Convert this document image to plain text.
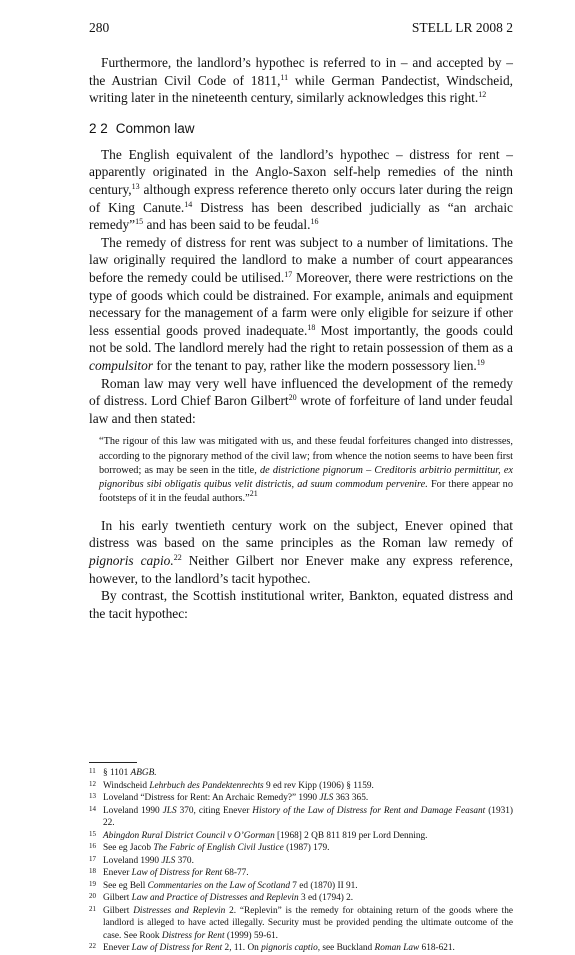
280	STELL LR 2008 2

Furthermore, the landlord’s hypothec is referred to in – and accepted by – the Austrian Civil Code of 1811,11 while German Pandectist, Windscheid, writing later in the nineteenth century, similarly acknowledges this right.$^{12}$

2 2 Common law

The English equivalent of the landlord’s hypothec – distress for rent – apparently originated in the Anglo-Saxon self-help remedies of the ninth century,$^{13}$ although express reference thereto only occurs later during the reign of King Canute.$^{14}$ Distress has been described judicially as “an archaic remedy”$^{15}$ and has been said to be feudal.$^{16}$

The remedy of distress for rent was subject to a number of limitations. The law originally required the landlord to make a number of court appearances before the remedy could be utilised.$^{17}$ Moreover, there were restrictions on the type of goods which could be distrained. For example, animals and equipment necessary for the management of a farm were only eligible for seizure if other less essential goods proved inadequate.$^{18}$ Most importantly, the goods could not be sold. The landlord merely had the right to retain possession of them as a compulsitor for the tenant to pay, rather like the modern possessory lien.$^{19}$

Roman law may very well have influenced the development of the remedy of distress. Lord Chief Baron Gilbert$^{20}$ wrote of forfeiture of land under feudal law and then stated:

“The rigour of this law was mitigated with us, and these feudal forfeitures changed into distresses, according to the pignorary method of the civil law; from whence the notion seems to have been first borrowed; as may be seen in the title, de districtione pignorum – Creditoris arbitrio permittitur, ex pignoribus sibi obligatis quibus velit districtis, ad suum commodum pervenire. For there appear no footsteps of it in the feudal authors.”$^{21}$

In his early twentieth century work on the subject, Enever opined that distress was based on the same principles as the Roman law remedy of pignoris capio.$^{22}$ Neither Gilbert nor Enever make any express reference, however, to the landlord’s tacit hypothec.

By contrast, the Scottish institutional writer, Bankton, equated distress and the tacit hypothec:

11 § 1101 ABGB.
12 Windscheid Lehrbuch des Pandektenrechts 9 ed rev Kipp (1906) § 1159.
13 Loveland “Distress for Rent: An Archaic Remedy?” 1990 JLS 363 365.
14 Loveland 1990 JLS 370, citing Enever History of the Law of Distress for Rent and Damage Feasant (1931) 22.
15 Abingdon Rural District Council v O’Gorman [1968] 2 QB 811 819 per Lord Denning.
16 See eg Jacob The Fabric of English Civil Justice (1987) 179.
17 Loveland 1990 JLS 370.
18 Enever Law of Distress for Rent 68-77.
19 See eg Bell Commentaries on the Law of Scotland 7 ed (1870) II 91.
20 Gilbert Law and Practice of Distresses and Replevin 3 ed (1794) 2.
21 Gilbert Distresses and Replevin 2. “Replevin” is the remedy for obtaining return of the goods where the landlord is alleged to have acted illegally. Security must be provided pending the ultimate outcome of the case. See Rook Distress for Rent (1999) 59-61.
22 Enever Law of Distress for Rent 2, 11. On pignoris captio, see Buckland Roman Law 618-621.
